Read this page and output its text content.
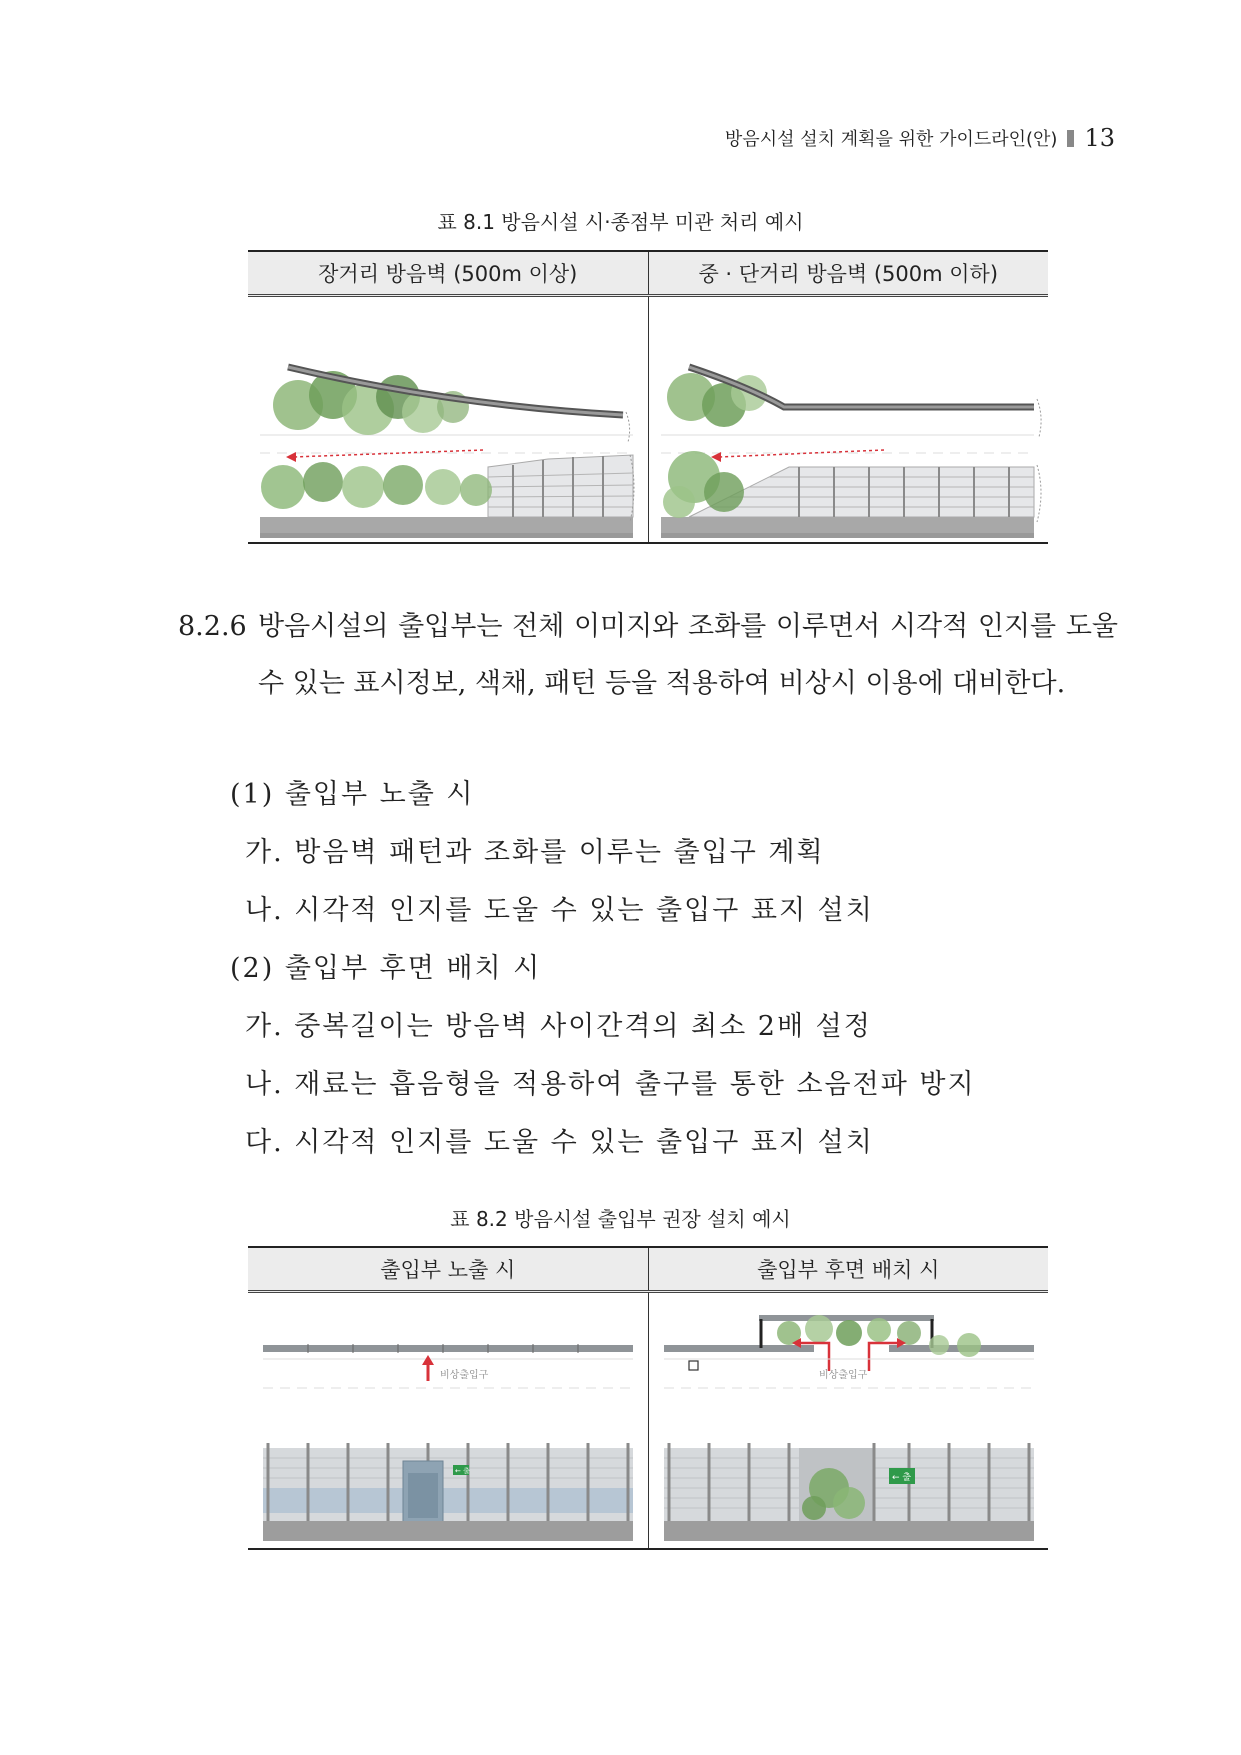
방음시설 설치 계획을 위한 가이드라인(안) 13
표 8.1 방음시설 시·종점부 미관 처리 예시
장거리 방음벽 (500m 이상)	중 · 단거리 방음벽 (500m 이하)

8.2.6 방음시설의 출입부는 전체 이미지와 조화를 이루면서 시각적 인지를 도울 수 있는 표시정보, 색채, 패턴 등을 적용하여 비상시 이용에 대비한다.
(1) 출입부 노출 시
가. 방음벽 패턴과 조화를 이루는 출입구 계획
나. 시각적 인지를 도울 수 있는 출입구 표지 설치
(2) 출입부 후면 배치 시
가. 중복길이는 방음벽 사이간격의 최소 2배 설정
나. 재료는 흡음형을 적용하여 출구를 통한 소음전파 방지
다. 시각적 인지를 도울 수 있는 출입구 표지 설치
표 8.2 방음시설 출입부 권장 설치 예시
출입부 노출 시	출입부 후면 배치 시

비상출입구
← 출	비상출입구
← 출
